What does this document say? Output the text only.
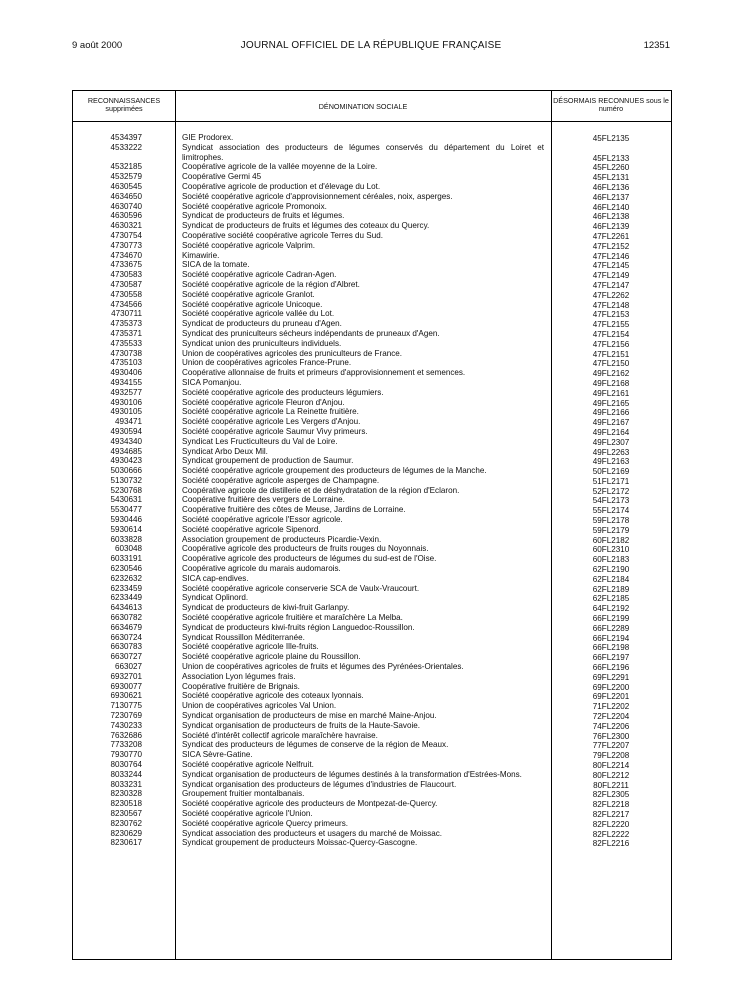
9 août 2000	JOURNAL OFFICIEL DE LA RÉPUBLIQUE FRANÇAISE	12351
RECONNAISSANCES supprimées	DÉNOMINATION SOCIALE
DÉSORMAIS RECONNUES sous le numéro
4534397	GIE Prodorex.	45FL2135
4533222	Syndicat association des producteurs de légumes conservés du département du Loiret et limitrophes.	45FL2133
4532185	Coopérative agricole de la vallée moyenne de la Loire.	45FL2260
4532579	Coopérative Germi 45	45FL2131
4630545	Coopérative agricole de production et d'élevage du Lot.	46FL2136
4634650	Société coopérative agricole d'approvisionnement céréales, noix, asperges.	46FL2137
4630740	Société coopérative agricole Promonoix.	46FL2140
4630596	Syndicat de producteurs de fruits et légumes.	46FL2138
4630321	Syndicat de producteurs de fruits et légumes des coteaux du Quercy.	46FL2139
4730754	Coopérative société coopérative agricole Terres du Sud.	47FL2261
4730773	Société coopérative agricole Valprim.	47FL2152
4734670	Kimawirie.	47FL2146
4733675	SICA de la tomate.	47FL2145
4730583	Société coopérative agricole Cadran-Agen.	47FL2149
4730587	Société coopérative agricole de la région d'Albret.	47FL2147
4730558	Société coopérative agricole Granlot.	47FL2262
4734566	Société coopérative agricole Unicoque.	47FL2148
4730711	Société coopérative agricole vallée du Lot.	47FL2153
4735373	Syndicat de producteurs du pruneau d'Agen.	47FL2155
4735371	Syndicat des pruniculteurs sécheurs indépendants de pruneaux d'Agen.	47FL2154
4735533	Syndicat union des pruniculteurs individuels.	47FL2156
4730738	Union de coopératives agricoles des pruniculteurs de France.	47FL2151
4735103	Union de coopératives agricoles France-Prune.	47FL2150
4930406	Coopérative allonnaise de fruits et primeurs d'approvisionnement et semences.	49FL2162
4934155	SICA Pomanjou.	49FL2168
4932577	Société coopérative agricole des producteurs légumiers.	49FL2161
4930106	Société coopérative agricole Fleuron d'Anjou.	49FL2165
4930105	Société coopérative agricole La Reinette fruitière.	49FL2166
493471	Société coopérative agricole Les Vergers d'Anjou.	49FL2167
4930594	Société coopérative agricole Saumur Vivy primeurs.	49FL2164
4934340	Syndicat Les Fructiculteurs du Val de Loire.	49FL2307
4934685	Syndicat Arbo Deux Mil.	49FL2263
4930423	Syndicat groupement de production de Saumur.	49FL2163
5030666	Société coopérative agricole groupement des producteurs de légumes de la Manche.	50FL2169
5130732	Société coopérative agricole asperges de Champagne.	51FL2171
5230768	Coopérative agricole de distillerie et de déshydratation de la région d'Eclaron.	52FL2172
5430631	Coopérative fruitière des vergers de Lorraine.	54FL2173
5530477	Coopérative fruitière des côtes de Meuse, Jardins de Lorraine.	55FL2174
5930446	Société coopérative agricole l'Essor agricole.	59FL2178
5930614	Société coopérative agricole Sipenord.	59FL2179
6033828	Association groupement de producteurs Picardie-Vexin.	60FL2182
603048	Coopérative agricole des producteurs de fruits rouges du Noyonnais.	60FL2310
6033191	Coopérative agricole des producteurs de légumes du sud-est de l'Oise.	60FL2183
6230546	Coopérative agricole du marais audomarois.	62FL2190
6232632	SICA cap-endives.	62FL2184
6233459	Société coopérative agricole conserverie SCA de Vaulx-Vraucourt.	62FL2189
6233449	Syndicat Oplinord.	62FL2185
6434613	Syndicat de producteurs de kiwi-fruit Garlanpy.	64FL2192
6630782	Société coopérative agricole fruitière et maraîchère La Melba.	66FL2199
6634679	Syndicat de producteurs kiwi-fruits région Languedoc-Roussillon.	66FL2289
6630724	Syndicat Roussillon Méditerranée.	66FL2194
6630783	Société coopérative agricole Ille-fruits.	66FL2198
6630727	Société coopérative agricole plaine du Roussillon.	66FL2197
663027	Union de coopératives agricoles de fruits et légumes des Pyrénées-Orientales.	66FL2196
6932701	Association Lyon légumes frais.	69FL2291
6930077	Coopérative fruitière de Brignais.	69FL2200
6930621	Société coopérative agricole des coteaux lyonnais.	69FL2201
7130775	Union de coopératives agricoles Val Union.	71FL2202
7230769	Syndicat organisation de producteurs de mise en marché Maine-Anjou.	72FL2204
7430233	Syndicat organisation de producteurs de fruits de la Haute-Savoie.	74FL2206
7632686	Société d'intérêt collectif agricole maraîchère havraise.	76FL2300
7733208	Syndicat des producteurs de légumes de conserve de la région de Meaux.	77FL2207
7930770	SICA Sèvre-Gatine.	79FL2208
8030764	Société coopérative agricole Nelfruit.	80FL2214
8033244	Syndicat organisation de producteurs de légumes destinés à la transformation d'Estrées-Mons.	80FL2212
8033231	Syndicat organisation des producteurs de légumes d'industries de Flaucourt.	80FL2211
8230328	Groupement fruitier montalbanais.	82FL2305
8230518	Société coopérative agricole des producteurs de Montpezat-de-Quercy.	82FL2218
8230567	Société coopérative agricole l'Union.	82FL2217
8230762	Société coopérative agricole Quercy primeurs.	82FL2220
8230629	Syndicat association des producteurs et usagers du marché de Moissac.	82FL2222
8230617	Syndicat groupement de producteurs Moissac-Quercy-Gascogne.	82FL2216
